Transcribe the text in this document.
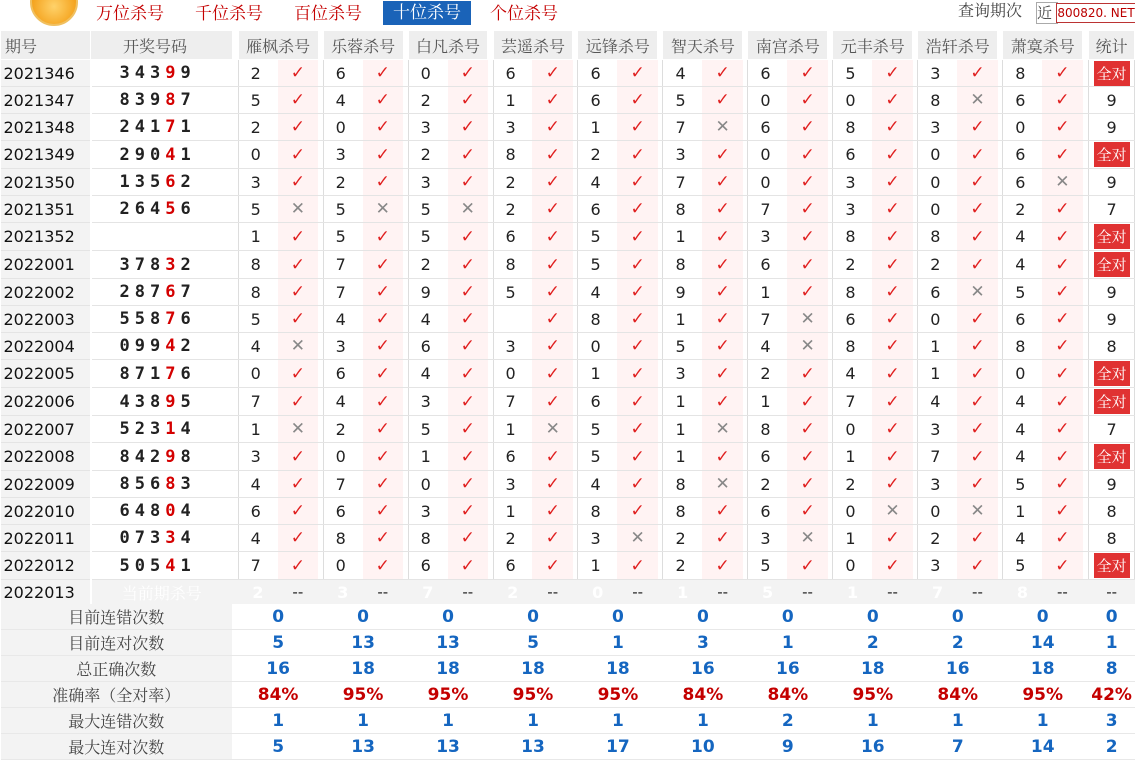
万位杀号 千位杀号 百位杀号	十位杀号	个位杀号	查询期次 近 800820. NET
期号	开奖号码		雁枫杀号			乐蓉杀号			白凡杀号			芸遥杀号			远锋杀号			智天杀号			南宫杀号			元丰杀号			浩轩杀号			萧寞杀号			统计
2021346	34399		2	✓		6	✓		0	✓		6	✓		6	✓		4	✓		6	✓		5	✓		3	✓		8	✓		全对
2021347	83987		5	✓		4	✓		2	✓		1	✓		6	✓		5	✓		0	✓		0	✓		8	✕		6	✓		9
2021348	24171		2	✓		0	✓		3	✓		3	✓		1	✓		7	✕		6	✓		8	✓		3	✓		0	✓		9
2021349	29041		0	✓		3	✓		2	✓		8	✓		2	✓		3	✓		0	✓		6	✓		0	✓		6	✓		全对
2021350	13562		3	✓		2	✓		3	✓		2	✓		4	✓		7	✓		0	✓		3	✓		0	✓		6	✕		9
2021351	26456		5	✕		5	✕		5	✕		2	✓		6	✓		8	✓		7	✓		3	✓		0	✓		2	✓		7
2021352			1	✓		5	✓		5	✓		6	✓		5	✓		1	✓		3	✓		8	✓		8	✓		4	✓		全对
2022001	37832		8	✓		7	✓		2	✓		8	✓		5	✓		8	✓		6	✓		2	✓		2	✓		4	✓		全对
2022002	28767		8	✓		7	✓		9	✓		5	✓		4	✓		9	✓		1	✓		8	✓		6	✕		5	✓		9
2022003	55876		5	✓		4	✓		4	✓			✓		8	✓		1	✓		7	✕		6	✓		0	✓		6	✓		9
2022004	09942		4	✕		3	✓		6	✓		3	✓		0	✓		5	✓		4	✕		8	✓		1	✓		8	✓		8
2022005	87176		0	✓		6	✓		4	✓		0	✓		1	✓		3	✓		2	✓		4	✓		1	✓		0	✓		全对
2022006	43895		7	✓		4	✓		3	✓		7	✓		6	✓		1	✓		1	✓		7	✓		4	✓		4	✓		全对
2022007	52314		1	✕		2	✓		5	✓		1	✕		5	✓		1	✕		8	✓		0	✓		3	✓		4	✓		7
2022008	84298		3	✓		0	✓		1	✓		6	✓		5	✓		1	✓		6	✓		1	✓		7	✓		4	✓		全对
2022009	85683		4	✓		7	✓		0	✓		3	✓		4	✓		8	✕		2	✓		2	✓		3	✓		5	✓		9
2022010	64804		6	✓		6	✓		3	✓		1	✓		8	✓		8	✓		6	✓		0	✕		0	✕		1	✓		8
2022011	07334		4	✓		8	✓		8	✓		2	✓		3	✕		2	✓		3	✕		1	✓		2	✓		4	✓		8
2022012	50541		7	✓		0	✓		6	✓		6	✓		1	✓		2	✓		5	✓		0	✓		3	✓		5	✓		全对
2022013	当前期杀号		2	--		3	--		7	--		2	--		0	--		1	--		5	--		1	--		7	--		8	--		--
目前连错次数			0			0			0			0			0			0			0			0			0			0			0
目前连对次数			5			13			13			5			1			3			1			2			2			14			1
总正确次数			16			18			18			18			18			16			16			18			16			18			8
准确率（全对率）			84%			95%			95%			95%			95%			84%			84%			95%			84%			95%			42%
最大连错次数			1			1			1			1			1			1			2			1			1			1			3
最大连对次数			5			13			13			13			17			10			9			16			7			14			2
